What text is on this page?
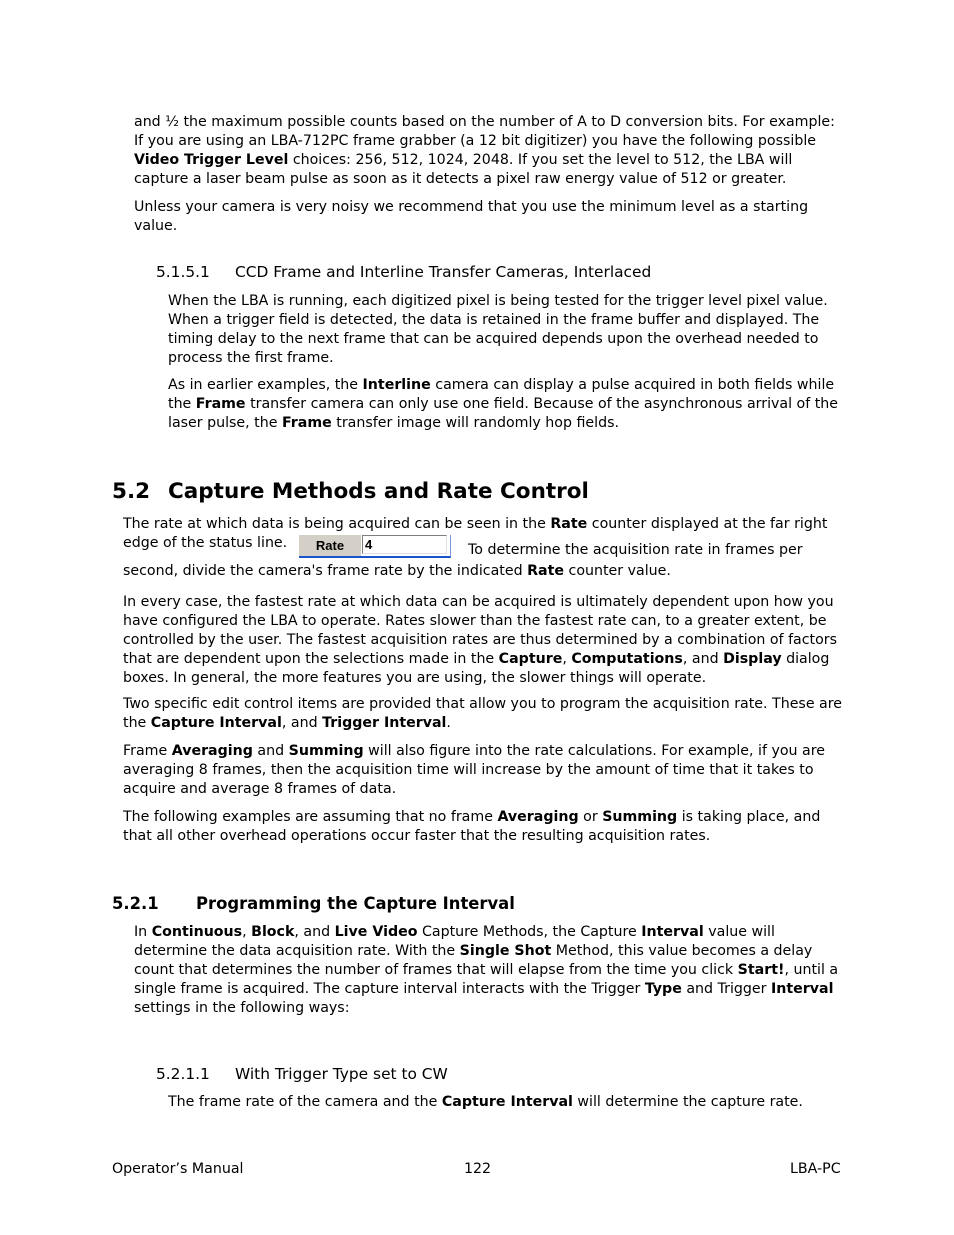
and ½ the maximum possible counts based on the number of A to D conversion bits. For example: If you are using an LBA-712PC frame grabber (a 12 bit digitizer) you have the following possible Video Trigger Level choices: 256, 512, 1024, 2048. If you set the level to 512, the LBA will capture a laser beam pulse as soon as it detects a pixel raw energy value of 512 or greater.

Unless your camera is very noisy we recommend that you use the minimum level as a starting value.

5.1.5.1 CCD Frame and Interline Transfer Cameras, Interlaced

When the LBA is running, each digitized pixel is being tested for the trigger level pixel value. When a trigger field is detected, the data is retained in the frame buffer and displayed. The timing delay to the next frame that can be acquired depends upon the overhead needed to process the first frame.

As in earlier examples, the Interline camera can display a pulse acquired in both fields while the Frame transfer camera can only use one field. Because of the asynchronous arrival of the laser pulse, the Frame transfer image will randomly hop fields.

5.2 Capture Methods and Rate Control

The rate at which data is being acquired can be seen in the Rate counter displayed at the far right edge of the status line.	Rate	4	To determine the acquisition rate in frames per second, divide the camera's frame rate by the indicated Rate counter value.

In every case, the fastest rate at which data can be acquired is ultimately dependent upon how you have configured the LBA to operate. Rates slower than the fastest rate can, to a greater extent, be controlled by the user. The fastest acquisition rates are thus determined by a combination of factors that are dependent upon the selections made in the Capture, Computations, and Display dialog boxes. In general, the more features you are using, the slower things will operate.

Two specific edit control items are provided that allow you to program the acquisition rate. These are the Capture Interval, and Trigger Interval.

Frame Averaging and Summing will also figure into the rate calculations. For example, if you are averaging 8 frames, then the acquisition time will increase by the amount of time that it takes to acquire and average 8 frames of data.

The following examples are assuming that no frame Averaging or Summing is taking place, and that all other overhead operations occur faster that the resulting acquisition rates.

5.2.1 Programming the Capture Interval

In Continuous, Block, and Live Video Capture Methods, the Capture Interval value will determine the data acquisition rate. With the Single Shot Method, this value becomes a delay count that determines the number of frames that will elapse from the time you click Start!, until a single frame is acquired. The capture interval interacts with the Trigger Type and Trigger Interval settings in the following ways:

5.2.1.1 With Trigger Type set to CW

The frame rate of the camera and the Capture Interval will determine the capture rate.

Operator’s Manual	122	LBA-PC
